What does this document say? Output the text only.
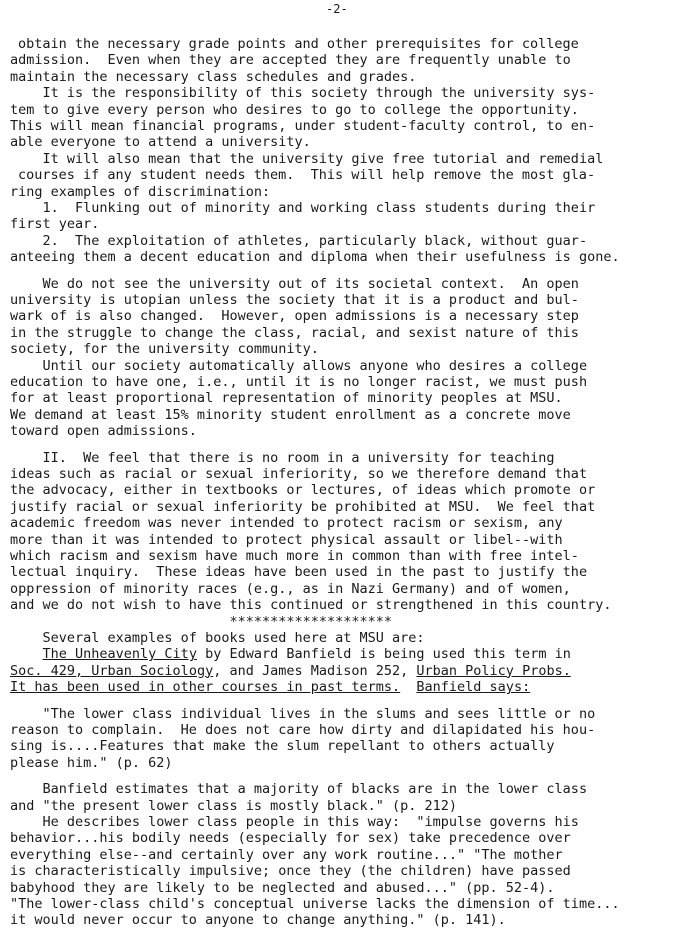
-2-
obtain the necessary grade points and other prerequisites for college
admission.  Even when they are accepted they are frequently unable to
maintain the necessary class schedules and grades.
It is the responsibility of this society through the university sys-
tem to give every person who desires to go to college the opportunity.
This will mean financial programs, under student-faculty control, to en-
able everyone to attend a university.
It will also mean that the university give free tutorial and remedial
courses if any student needs them.  This will help remove the most gla-
ring examples of discrimination:
1.  Flunking out of minority and working class students during their
first year.
2.  The exploitation of athletes, particularly black, without guar-
anteeing them a decent education and diploma when their usefulness is gone.
We do not see the university out of its societal context.  An open
university is utopian unless the society that it is a product and bul-
wark of is also changed.  However, open admissions is a necessary step
in the struggle to change the class, racial, and sexist nature of this
society, for the university community.
Until our society automatically allows anyone who desires a college
education to have one, i.e., until it is no longer racist, we must push
for at least proportional representation of minority peoples at MSU.
We demand at least 15% minority student enrollment as a concrete move
toward open admissions.
II.  We feel that there is no room in a university for teaching
ideas such as racial or sexual inferiority, so we therefore demand that
the advocacy, either in textbooks or lectures, of ideas which promote or
justify racial or sexual inferiority be prohibited at MSU.  We feel that
academic freedom was never intended to protect racism or sexism, any
more than it was intended to protect physical assault or libel--with
which racism and sexism have much more in common than with free intel-
lectual inquiry.  These ideas have been used in the past to justify the
oppression of minority races (e.g., as in Nazi Germany) and of women,
and we do not wish to have this continued or strengthened in this country.
********************
Several examples of books used here at MSU are:
The Unheavenly City by Edward Banfield is being used this term in
Soc. 429, Urban Sociology, and James Madison 252, Urban Policy Probs.
It has been used in other courses in past terms. Banfield says:
"The lower class individual lives in the slums and sees little or no
reason to complain.  He does not care how dirty and dilapidated his hou-
sing is....Features that make the slum repellant to others actually
please him." (p. 62)
Banfield estimates that a majority of blacks are in the lower class
and "the present lower class is mostly black." (p. 212)
He describes lower class people in this way:  "impulse governs his
behavior...his bodily needs (especially for sex) take precedence over
everything else--and certainly over any work routine..." "The mother
is characteristically impulsive; once they (the children) have passed
babyhood they are likely to be neglected and abused..." (pp. 52-4).
"The lower-class child's conceptual universe lacks the dimension of time...
it would never occur to anyone to change anything." (p. 141).
